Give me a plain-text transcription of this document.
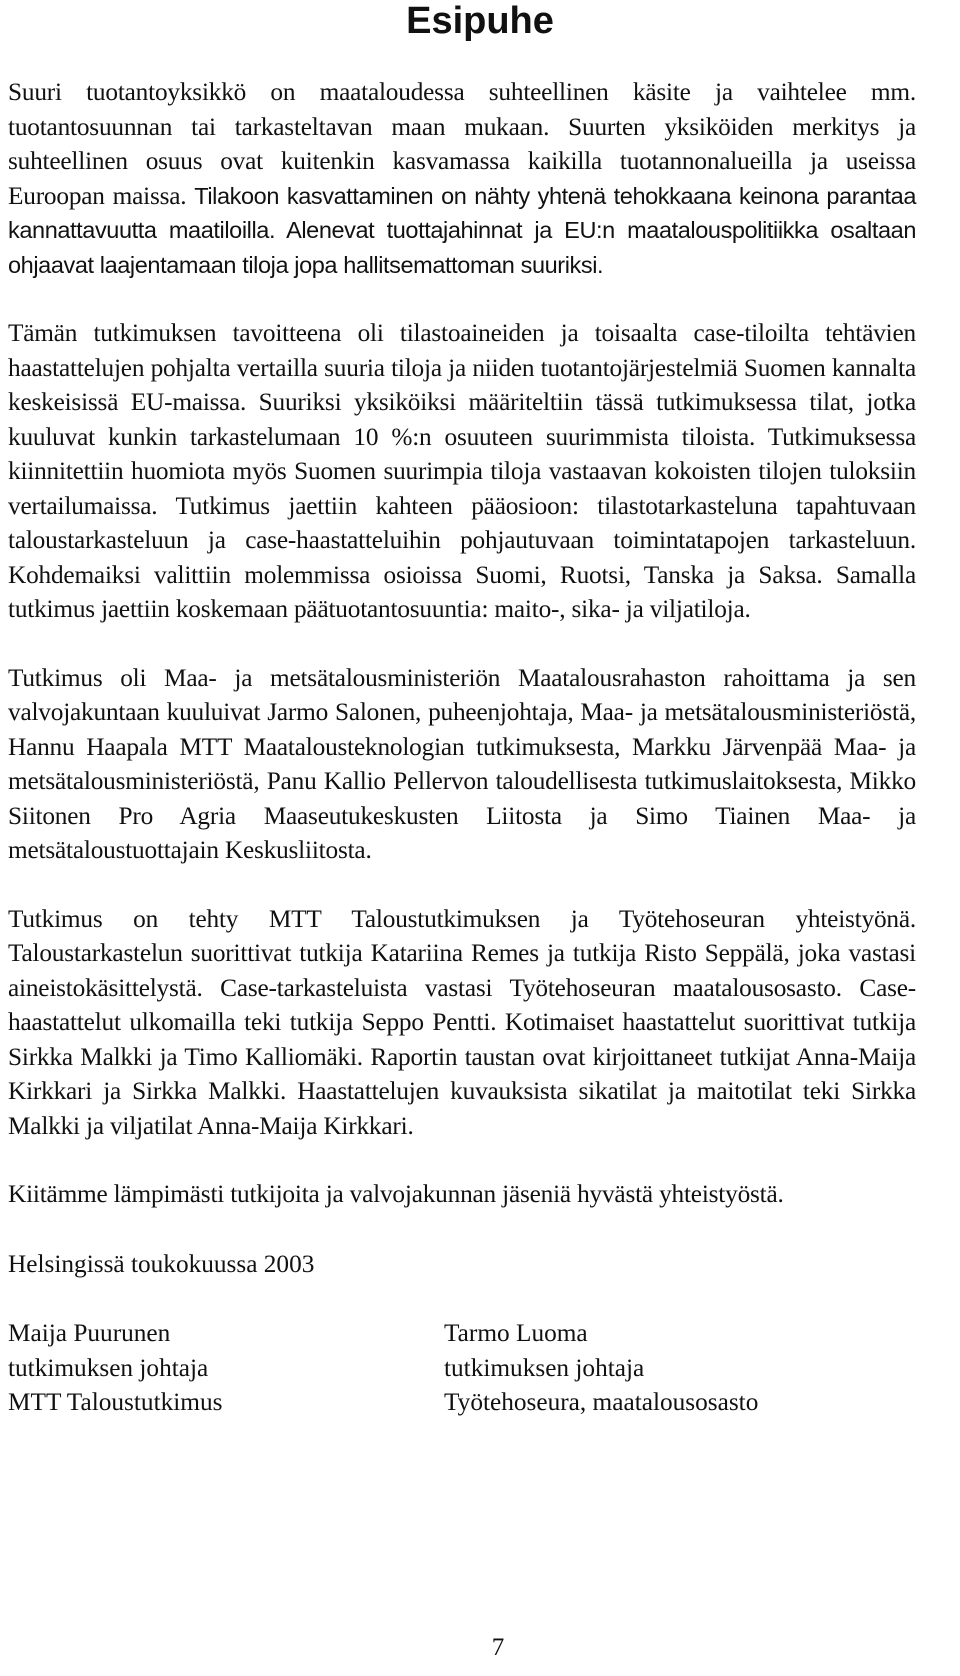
Esipuhe

Suuri tuotantoyksikkö on maataloudessa suhteellinen käsite ja vaihtelee mm. tuotantosuunnan tai tarkasteltavan maan mukaan. Suurten yksiköiden merkitys ja suhteellinen osuus ovat kuitenkin kasvamassa kaikilla tuotannonalueilla ja useissa Euroopan maissa. Tilakoon kasvattaminen on nähty yhtenä tehokkaana keinona parantaa kannattavuutta maatiloilla. Alenevat tuottajahinnat ja EU:n maatalouspolitiikka osaltaan ohjaavat laajentamaan tiloja jopa hallitsemattoman suuriksi.

Tämän tutkimuksen tavoitteena oli tilastoaineiden ja toisaalta case-tiloilta tehtävien haastattelujen pohjalta vertailla suuria tiloja ja niiden tuotantojärjestelmiä Suomen kannalta keskeisissä EU-maissa. Suuriksi yksiköiksi määriteltiin tässä tutkimuksessa tilat, jotka kuuluvat kunkin tarkastelumaan 10 %:n osuuteen suurimmista tiloista. Tutkimuksessa kiinnitettiin huomiota myös Suomen suurimpia tiloja vastaavan kokoisten tilojen tuloksiin vertailumaissa. Tutkimus jaettiin kahteen pääosioon: tilastotarkasteluna tapahtuvaan taloustarkasteluun ja case-haastatteluihin pohjautuvaan toimintatapojen tarkasteluun. Kohdemaiksi valittiin molemmissa osioissa Suomi, Ruotsi, Tanska ja Saksa. Samalla tutkimus jaettiin koskemaan päätuotantosuuntia: maito-, sika- ja viljatiloja.

Tutkimus oli Maa- ja metsätalousministeriön Maatalousrahaston rahoittama ja sen valvojakuntaan kuuluivat Jarmo Salonen, puheenjohtaja, Maa- ja metsätalousministeriöstä, Hannu Haapala MTT Maatalousteknologian tutkimuksesta, Markku Järvenpää Maa- ja metsätalousministeriöstä, Panu Kallio Pellervon taloudellisesta tutkimuslaitoksesta, Mikko Siitonen Pro Agria Maaseutukeskusten Liitosta ja Simo Tiainen Maa- ja metsätaloustuottajain Keskusliitosta.

Tutkimus on tehty MTT Taloustutkimuksen ja Työtehoseuran yhteistyönä. Taloustarkastelun suorittivat tutkija Katariina Remes ja tutkija Risto Seppälä, joka vastasi aineistokäsittelystä. Case-tarkasteluista vastasi Työtehoseuran maatalousosasto. Case- haastattelut ulkomailla teki tutkija Seppo Pentti. Kotimaiset haastattelut suorittivat tutkija Sirkka Malkki ja Timo Kalliomäki. Raportin taustan ovat kirjoittaneet tutkijat Anna-Maija Kirkkari ja Sirkka Malkki. Haastattelujen kuvauksista sikatilat ja maitotilat teki Sirkka Malkki ja viljatilat Anna-Maija Kirkkari.

Kiitämme lämpimästi tutkijoita ja valvojakunnan jäseniä hyvästä yhteistyöstä.

Helsingissä toukokuussa 2003
Maija Puurunen
tutkimuksen johtaja
MTT Taloustutkimus
Tarmo Luoma
tutkimuksen johtaja
Työtehoseura, maatalousosasto
7
